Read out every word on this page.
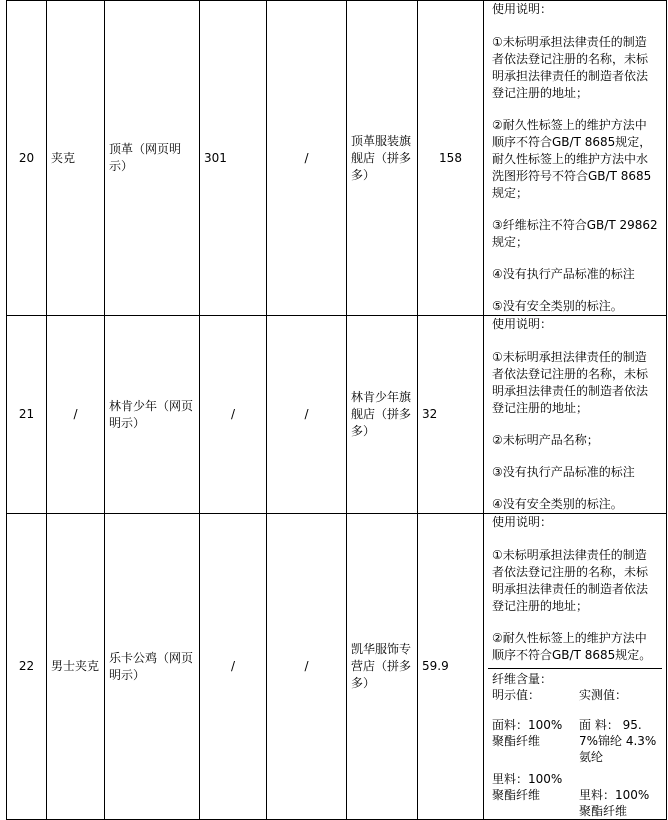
20	夹克	顶革（网页明示）	301	/	顶革服装旗舰店（拼多多）	158	

使用说明：

①未标明承担法律责任的制造者依法登记注册的名称，未标明承担法律责任的制造者依法登记注册的地址；

②耐久性标签上的维护方法中顺序不符合GB/T 8685规定，耐久性标签上的维护方法中水洗图形符号不符合GB/T 8685规定；

③纤维标注不符合GB/T 29862规定；

④没有执行产品标准的标注

⑤没有安全类别的标注。

21	/	林肯少年（网页明示）	/	/	林肯少年旗舰店（拼多多）	32	

使用说明：

①未标明承担法律责任的制造者依法登记注册的名称，未标明承担法律责任的制造者依法登记注册的地址；

②未标明产品名称；

③没有执行产品标准的标注

④没有安全类别的标注。

22	男士夹克	乐卡公鸡（网页明示）	/	/	凯华服饰专营店（拼多多）	59.9	

使用说明：

①未标明承担法律责任的制造者依法登记注册的名称，未标明承担法律责任的制造者依法登记注册的地址；

②耐久性标签上的维护方法中顺序不符合GB/T 8685规定。

纤维含量：
明示值：	实测值：
面料：100%聚酯纤维	面 料： 95.7%锦纶 4.3%氨纶
里料：100%聚酯纤维	里料：100%聚酯纤维
